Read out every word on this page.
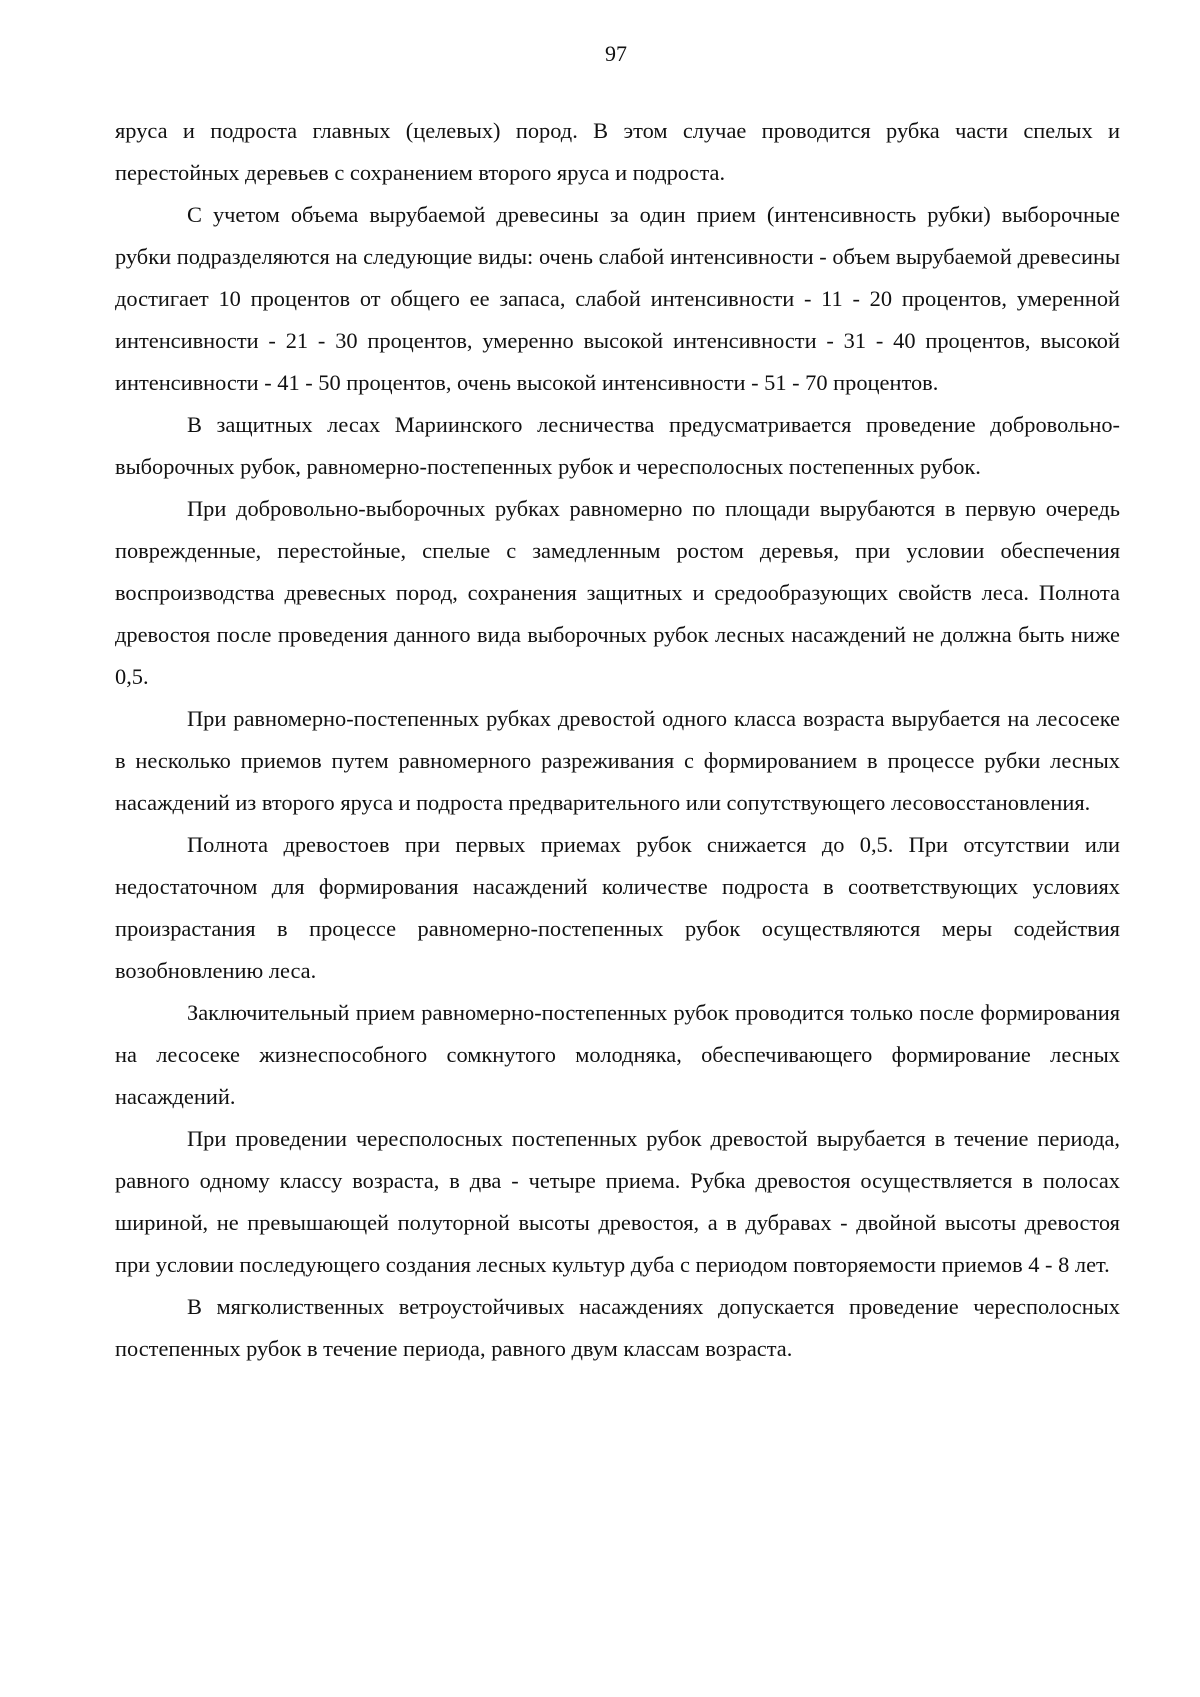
97

яруса и подроста главных (целевых) пород. В этом случае проводится рубка части спелых и перестойных деревьев с сохранением второго яруса и подроста.

С учетом объема вырубаемой древесины за один прием (интенсивность рубки) выборочные рубки подразделяются на следующие виды: очень слабой интенсивности - объем вырубаемой древесины достигает 10 процентов от общего ее запаса, слабой интенсивности - 11 - 20 процентов, умеренной интенсивности - 21 - 30 процентов, умеренно высокой интенсивности - 31 - 40 процентов, высокой интенсивности - 41 - 50 процентов, очень высокой интенсивности - 51 - 70 процентов.

В защитных лесах Мариинского лесничества предусматривается проведение добровольно-выборочных рубок, равномерно-постепенных рубок и чересполосных постепенных рубок.

При добровольно-выборочных рубках равномерно по площади вырубаются в первую очередь поврежденные, перестойные, спелые с замедленным ростом деревья, при условии обеспечения воспроизводства древесных пород, сохранения защитных и средообразующих свойств леса. Полнота древостоя после проведения данного вида выборочных рубок лесных насаждений не должна быть ниже 0,5.

При равномерно-постепенных рубках древостой одного класса возраста вырубается на лесосеке в несколько приемов путем равномерного разреживания с формированием в процессе рубки лесных насаждений из второго яруса и подроста предварительного или сопутствующего лесовосстановления.

Полнота древостоев при первых приемах рубок снижается до 0,5. При отсутствии или недостаточном для формирования насаждений количестве подроста в соответствующих условиях произрастания в процессе равномерно-постепенных рубок осуществляются меры содействия возобновлению леса.

Заключительный прием равномерно-постепенных рубок проводится только после формирования на лесосеке жизнеспособного сомкнутого молодняка, обеспечивающего формирование лесных насаждений.

При проведении чересполосных постепенных рубок древостой вырубается в течение периода, равного одному классу возраста, в два - четыре приема. Рубка древостоя осуществляется в полосах шириной, не превышающей полуторной высоты древостоя, а в дубравах - двойной высоты древостоя при условии последующего создания лесных культур дуба с периодом повторяемости приемов 4 - 8 лет.

В мягколиственных ветроустойчивых насаждениях допускается проведение чересполосных постепенных рубок в течение периода, равного двум классам возраста.
